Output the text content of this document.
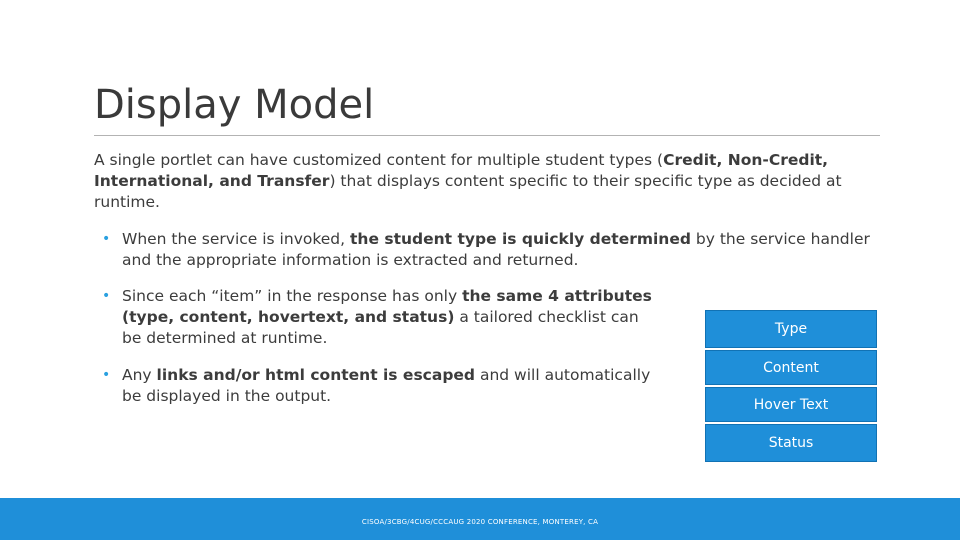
Display Model
A single portlet can have customized content for multiple student types (Credit, Non-Credit, International, and Transfer) that displays content specific to their specific type as decided at runtime.
• When the service is invoked, the student type is quickly determined by the service handler and the appropriate information is extracted and returned.
• Since each “item” in the response has only the same 4 attributes (type, content, hovertext, and status) a tailored checklist can be determined at runtime.
• Any links and/or html content is escaped and will automatically be displayed in the output.
Type
Content
Hover Text
Status
CISOA/3CBG/4CUG/CCCAUG 2020 CONFERENCE, MONTEREY, CA
